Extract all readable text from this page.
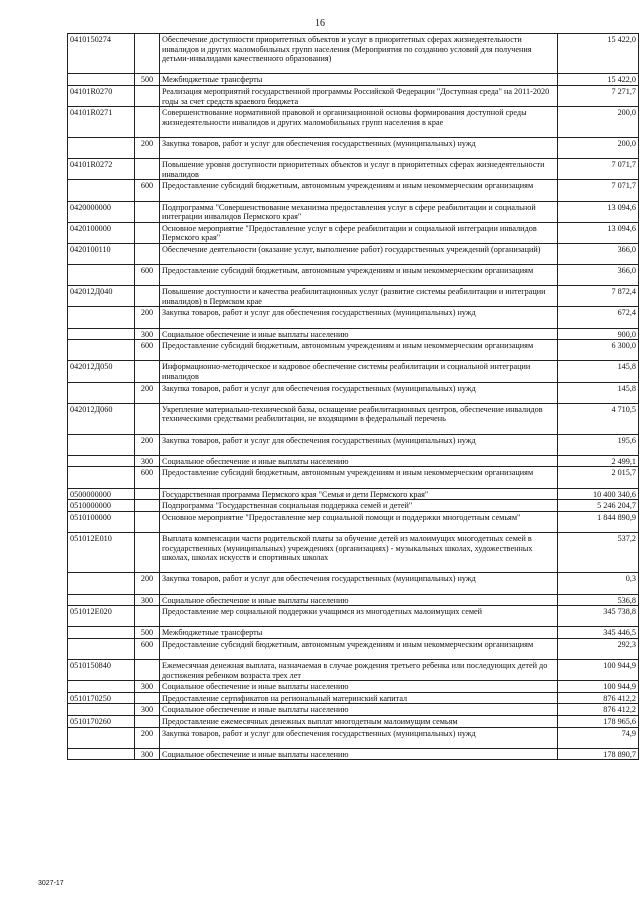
16
0410150274		Обеспечение доступности приоритетных объектов и услуг в приоритетных сферах жизнедеятельности инвалидов и других маломобильных групп населения (Мероприятия по созданию условий для получения детьми-инвалидами качественного образования)	15 422,0
	500	Межбюджетные трансферты	15 422,0
04101R0270		Реализация мероприятий государственной программы Российской Федерации "Доступная среда" на 2011-2020 годы за счет средств краевого бюджета	7 271,7
04101R0271		Совершенствование нормативной правовой и организационной основы формирования доступной среды жизнедеятельности инвалидов и других маломобильных групп населения в крае	200,0
	200	Закупка товаров, работ и услуг для обеспечения государственных (муниципальных) нужд	200,0
04101R0272		Повышение уровня доступности приоритетных объектов и услуг в приоритетных сферах жизнедеятельности инвалидов	7 071,7
	600	Предоставление субсидий бюджетным, автономным учреждениям и иным некоммерческим организациям	7 071,7
0420000000		Подпрограмма "Совершенствование механизма предоставления услуг в сфере реабилитации и социальной интеграции инвалидов Пермского края"	13 094,6
0420100000		Основное мероприятие "Предоставление услуг в сфере реабилитации и социальной интеграции инвалидов Пермского края"	13 094,6
0420100110		Обеспечение деятельности (оказание услуг, выполнение работ) государственных учреждений (организаций)	366,0
	600	Предоставление субсидий бюджетным, автономным учреждениям и иным некоммерческим организациям	366,0
042012Д040		Повышение доступности и качества реабилитационных услуг (развитие системы реабилитации и интеграции инвалидов) в Пермском крае	7 872,4
	200	Закупка товаров, работ и услуг для обеспечения государственных (муниципальных) нужд	672,4
	300	Социальное обеспечение и иные выплаты населению	900,0
	600	Предоставление субсидий бюджетным, автономным учреждениям и иным некоммерческим организациям	6 300,0
042012Д050		Информационно-методическое и кадровое обеспечение системы реабилитации и социальной интеграции инвалидов	145,8
	200	Закупка товаров, работ и услуг для обеспечения государственных (муниципальных) нужд	145,8
042012Д060		Укрепление материально-технической базы, оснащение реабилитационных центров, обеспечение инвалидов техническими средствами реабилитации, не входящими в федеральный перечень	4 710,5
	200	Закупка товаров, работ и услуг для обеспечения государственных (муниципальных) нужд	195,6
	300	Социальное обеспечение и иные выплаты населению	2 499,1
	600	Предоставление субсидий бюджетным, автономным учреждениям и иным некоммерческим организациям	2 015,7
0500000000		Государственная программа Пермского края "Семья и дети Пермского края"	10 400 340,6
0510000000		Подпрограмма "Государственная социальная поддержка семей и детей"	5 246 204,7
0510100000		Основное мероприятие "Предоставление мер социальной помощи и поддержки многодетным семьям"	1 844 890,9
051012Е010		Выплата компенсации части родительской платы за обучение детей из малоимущих многодетных семей в государственных (муниципальных) учреждениях (организациях) - музыкальных школах, художественных школах, школах искусств и спортивных школах	537,2
	200	Закупка товаров, работ и услуг для обеспечения государственных (муниципальных) нужд	0,3
	300	Социальное обеспечение и иные выплаты населению	536,8
051012Е020		Предоставление мер социальной поддержки учащимся из многодетных малоимущих семей	345 738,8
	500	Межбюджетные трансферты	345 446,5
	600	Предоставление субсидий бюджетным, автономным учреждениям и иным некоммерческим организациям	292,3
0510150840		Ежемесячная денежная выплата, назначаемая в случае рождения третьего ребенка или последующих детей до достижения ребенком возраста трех лет	100 944,9
	300	Социальное обеспечение и иные выплаты населению	100 944,9
0510170250		Предоставление сертификатов на региональный материнский капитал	876 412,2
	300	Социальное обеспечение и иные выплаты населению	876 412,2
0510170260		Предоставление ежемесячных денежных выплат многодетным малоимущим семьям	178 965,6
	200	Закупка товаров, работ и услуг для обеспечения государственных (муниципальных) нужд	74,9
	300	Социальное обеспечение и иные выплаты населению	178 890,7
3027-17
